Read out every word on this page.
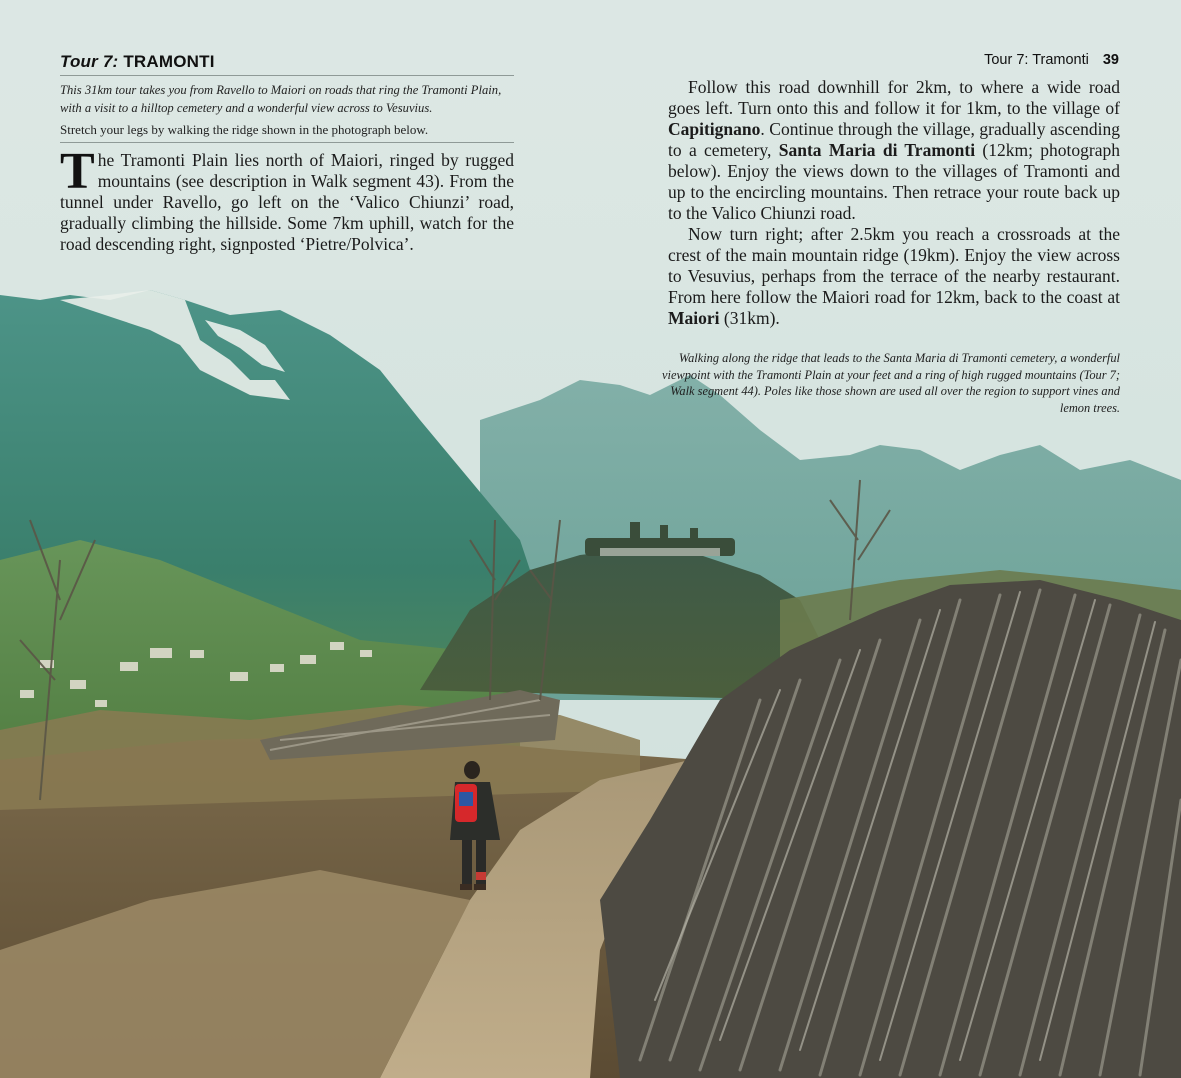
Tour 7: TRAMONTI

This 31km tour takes you from Ravello to Maiori on roads that ring the Tramonti Plain, with a visit to a hilltop cemetery and a wonderful view across to Vesuvius.

Stretch your legs by walking the ridge shown in the photograph below.

The Tramonti Plain lies north of Maiori, ringed by rugged mountains (see description in Walk segment 43). From the tunnel under Ravello, go left on the ‘Valico Chiunzi’ road, gradually climbing the hillside. Some 7km uphill, watch for the road descending right, signposted ‘Pietre/Polvica’.

Tour 7: Tramonti 39

Follow this road downhill for 2km, to where a wide road goes left. Turn onto this and follow it for 1km, to the village of Capitignano. Continue through the village, gradually ascending to a cemetery, Santa Maria di Tramonti (12km; photograph below). Enjoy the views down to the villages of Tramonti and up to the encircling mountains. Then retrace your route back up to the Valico Chiunzi road.

Now turn right; after 2.5km you reach a crossroads at the crest of the main mountain ridge (19km). Enjoy the view across to Vesuvius, perhaps from the terrace of the nearby restaurant. From here follow the Maiori road for 12km, back to the coast at Maiori (31km).

Walking along the ridge that leads to the Santa Maria di Tramonti cemetery, a wonderful viewpoint with the Tramonti Plain at your feet and a ring of high rugged mountains (Tour 7; Walk segment 44). Poles like those shown are used all over the region to support vines and lemon trees.
